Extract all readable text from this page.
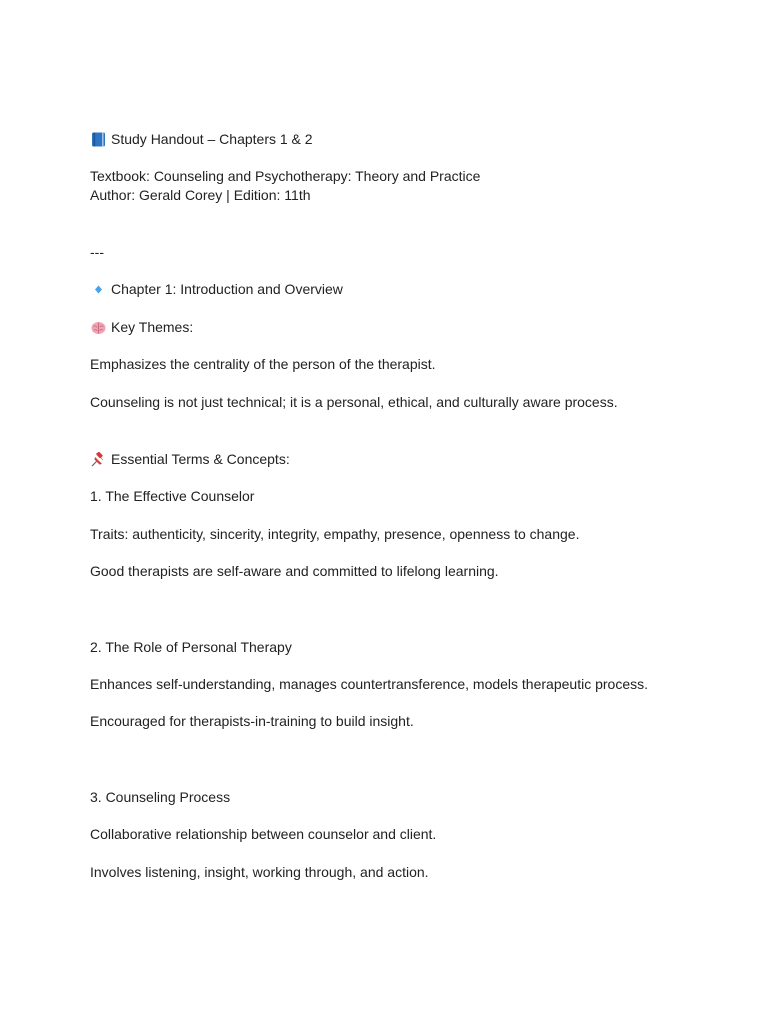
Study Handout – Chapters 1 & 2
Textbook: Counseling and Psychotherapy: Theory and Practice
Author: Gerald Corey | Edition: 11th
---
Chapter 1: Introduction and Overview
Key Themes:
Emphasizes the centrality of the person of the therapist.
Counseling is not just technical; it is a personal, ethical, and culturally aware process.
Essential Terms & Concepts:
1. The Effective Counselor
Traits: authenticity, sincerity, integrity, empathy, presence, openness to change.
Good therapists are self-aware and committed to lifelong learning.
2. The Role of Personal Therapy
Enhances self-understanding, manages countertransference, models therapeutic process.
Encouraged for therapists-in-training to build insight.
3. Counseling Process
Collaborative relationship between counselor and client.
Involves listening, insight, working through, and action.
